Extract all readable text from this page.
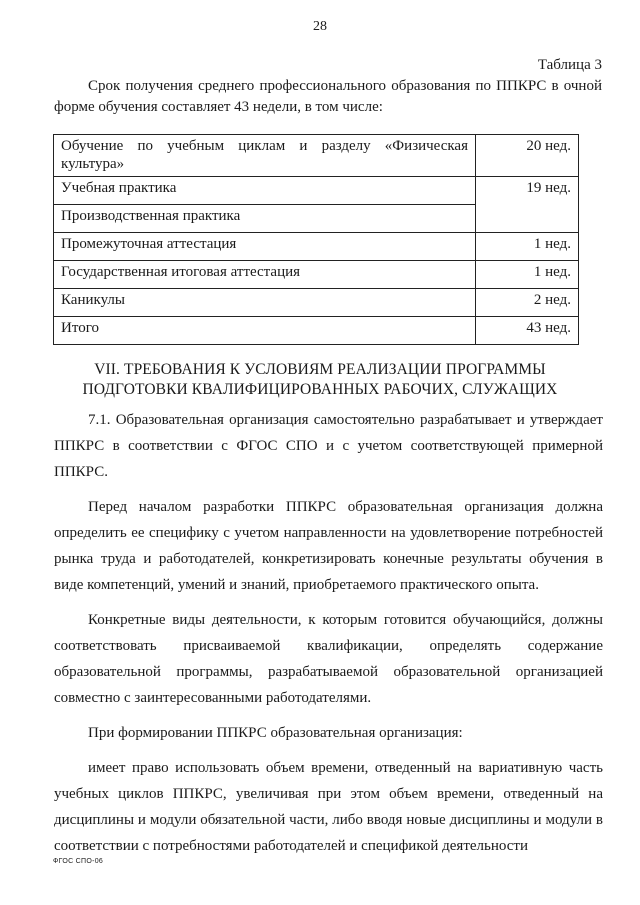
28
Таблица 3
Срок получения среднего профессионального образования по ППКРС в очной форме обучения составляет 43 недели, в том числе:
Обучение по учебным циклам и разделу «Физическая культура»	20 нед.
Учебная практика	19 нед.
Производственная практика	
Промежуточная аттестация	1 нед.
Государственная итоговая аттестация	1 нед.
Каникулы	2 нед.
Итого	43 нед.
VII. ТРЕБОВАНИЯ К УСЛОВИЯМ РЕАЛИЗАЦИИ ПРОГРАММЫ
ПОДГОТОВКИ КВАЛИФИЦИРОВАННЫХ РАБОЧИХ, СЛУЖАЩИХ

7.1. Образовательная организация самостоятельно разрабатывает и утверждает ППКРС в соответствии с ФГОС СПО и с учетом соответствующей примерной ППКРС.

Перед началом разработки ППКРС образовательная организация должна определить ее специфику с учетом направленности на удовлетворение потребностей рынка труда и работодателей, конкретизировать конечные результаты обучения в виде компетенций, умений и знаний, приобретаемого практического опыта.

Конкретные виды деятельности, к которым готовится обучающийся, должны соответствовать присваиваемой квалификации, определять содержание образовательной программы, разрабатываемой образовательной организацией совместно с заинтересованными работодателями.

При формировании ППКРС образовательная организация:

имеет право использовать объем времени, отведенный на вариативную часть учебных циклов ППКРС, увеличивая при этом объем времени, отведенный на дисциплины и модули обязательной части, либо вводя новые дисциплины и модули в соответствии с потребностями работодателей и спецификой деятельности

ФГОС СПО-06
